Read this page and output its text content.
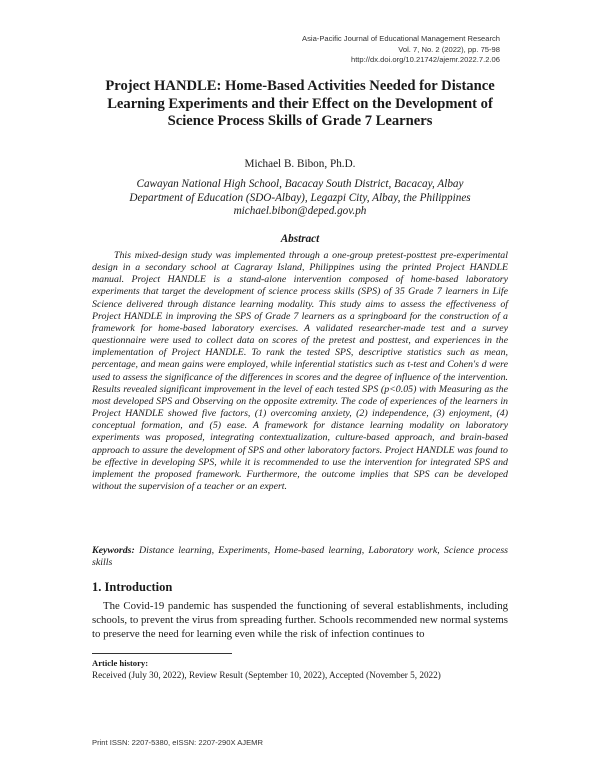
Asia-Pacific Journal of Educational Management Research
Vol. 7, No. 2 (2022), pp. 75-98
http://dx.doi.org/10.21742/ajemr.2022.7.2.06
Project HANDLE: Home-Based Activities Needed for Distance Learning Experiments and their Effect on the Development of Science Process Skills of Grade 7 Learners
Michael B. Bibon, Ph.D.
Cawayan National High School, Bacacay South District, Bacacay, Albay
Department of Education (SDO-Albay), Legazpi City, Albay, the Philippines
michael.bibon@deped.gov.ph
Abstract

This mixed-design study was implemented through a one-group pretest-posttest pre-experimental design in a secondary school at Cagraray Island, Philippines using the printed Project HANDLE manual. Project HANDLE is a stand-alone intervention composed of home-based laboratory experiments that target the development of science process skills (SPS) of 35 Grade 7 learners in Life Science delivered through distance learning modality. This study aims to assess the effectiveness of Project HANDLE in improving the SPS of Grade 7 learners as a springboard for the construction of a framework for home-based laboratory exercises. A validated researcher-made test and a survey questionnaire were used to collect data on scores of the pretest and posttest, and experiences in the implementation of Project HANDLE. To rank the tested SPS, descriptive statistics such as mean, percentage, and mean gains were employed, while inferential statistics such as t-test and Cohen's d were used to assess the significance of the differences in scores and the degree of influence of the intervention. Results revealed significant improvement in the level of each tested SPS (p<0.05) with Measuring as the most developed SPS and Observing on the opposite extremity. The code of experiences of the learners in Project HANDLE showed five factors, (1) overcoming anxiety, (2) independence, (3) enjoyment, (4) conceptual formation, and (5) ease. A framework for distance learning modality on laboratory experiments was proposed, integrating contextualization, culture-based approach, and brain-based approach to assure the development of SPS and other laboratory factors. Project HANDLE was found to be effective in developing SPS, while it is recommended to use the intervention for integrated SPS and implement the proposed framework. Furthermore, the outcome implies that SPS can be developed without the supervision of a teacher or an expert.

Keywords: Distance learning, Experiments, Home-based learning, Laboratory work, Science process skills
1. Introduction

The Covid-19 pandemic has suspended the functioning of several establishments, including schools, to prevent the virus from spreading further. Schools recommended new normal systems to preserve the need for learning even while the risk of infection continues to

Article history:
Received (July 30, 2022), Review Result (September 10, 2022), Accepted (November 5, 2022)
Print ISSN: 2207-5380, eISSN: 2207-290X AJEMR
